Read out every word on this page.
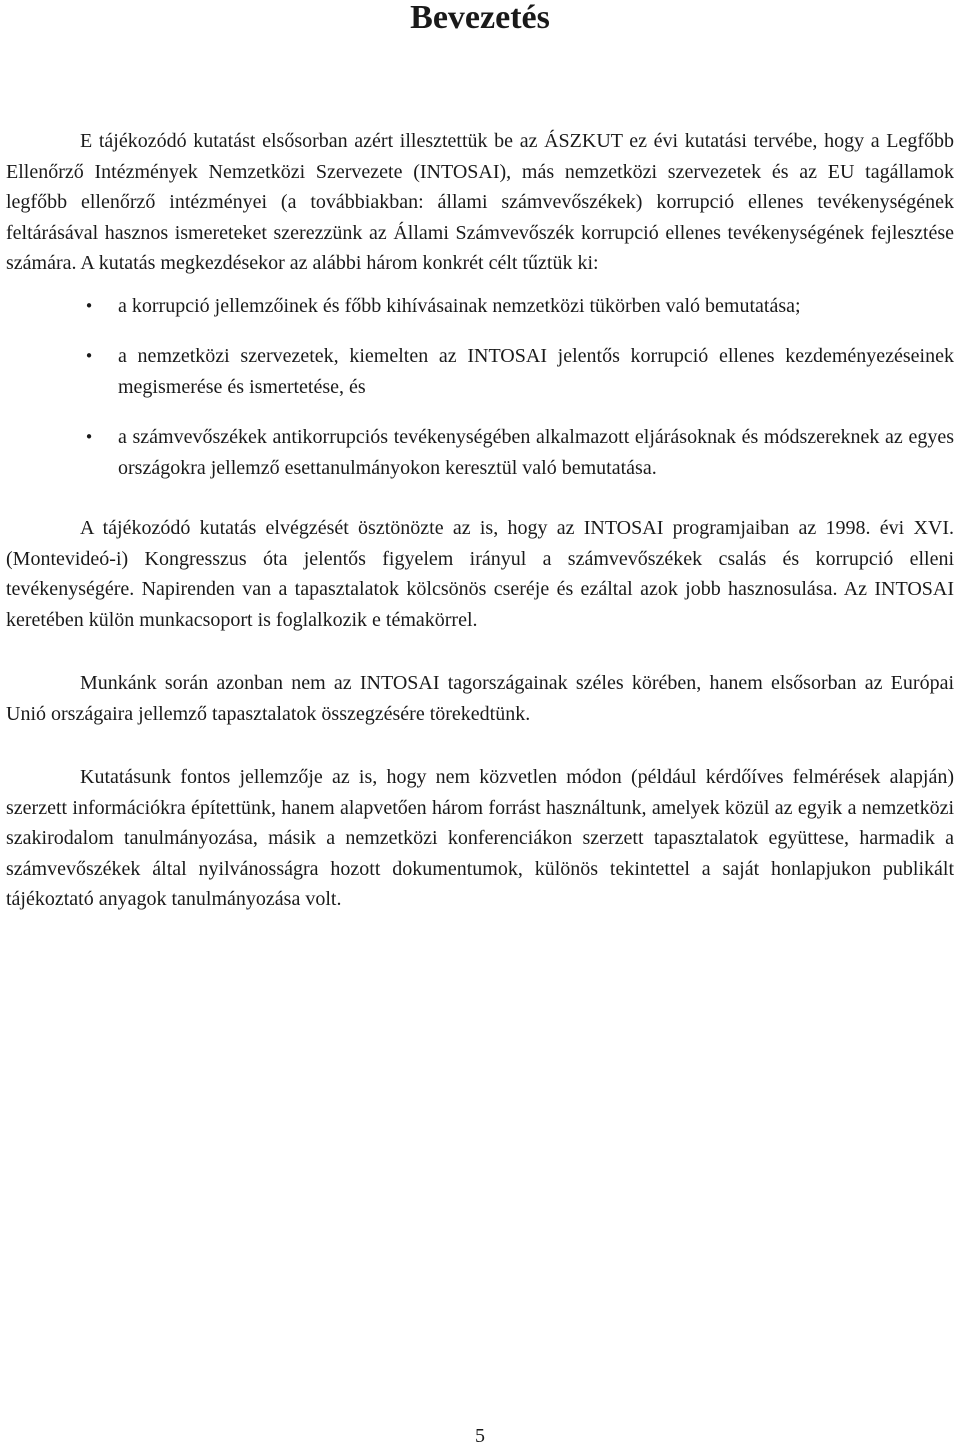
Bevezetés

E tájékozódó kutatást elsősorban azért illesztettük be az ÁSZKUT ez évi kutatási tervébe, hogy a Legfőbb Ellenőrző Intézmények Nemzetközi Szervezete (INTOSAI), más nemzetközi szervezetek és az EU tagállamok legfőbb ellenőrző intézményei (a továbbiakban: állami számvevőszékek) korrupció ellenes tevékenységének feltárásával hasznos ismereteket szerezzünk az Állami Számvevőszék korrupció ellenes tevékenységének fejlesztése számára. A kutatás megkezdésekor az alábbi három konkrét célt tűztük ki:

• a korrupció jellemzőinek és főbb kihívásainak nemzetközi tükörben való bemutatása;
• a nemzetközi szervezetek, kiemelten az INTOSAI jelentős korrupció ellenes kezdeményezéseinek megismerése és ismertetése, és
• a számvevőszékek antikorrupciós tevékenységében alkalmazott eljárásoknak és módszereknek az egyes országokra jellemző esettanulmányokon keresztül való bemutatása.

A tájékozódó kutatás elvégzését ösztönözte az is, hogy az INTOSAI programjaiban az 1998. évi XVI. (Montevideó-i) Kongresszus óta jelentős figyelem irányul a számvevőszékek csalás és korrupció elleni tevékenységére. Napirenden van a tapasztalatok kölcsönös cseréje és ezáltal azok jobb hasznosulása. Az INTOSAI keretében külön munkacsoport is foglalkozik e témakörrel.

Munkánk során azonban nem az INTOSAI tagországainak széles körében, hanem elsősorban az Európai Unió országaira jellemző tapasztalatok összegzésére törekedtünk.

Kutatásunk fontos jellemzője az is, hogy nem közvetlen módon (például kérdőíves felmérések alapján) szerzett információkra építettünk, hanem alapvetően három forrást használtunk, amelyek közül az egyik a nemzetközi szakirodalom tanulmányozása, másik a nemzetközi konferenciákon szerzett tapasztalatok együttese, harmadik a számvevőszékek által nyilvánosságra hozott dokumentumok, különös tekintettel a saját honlapjukon publikált tájékoztató anyagok tanulmányozása volt.

5
